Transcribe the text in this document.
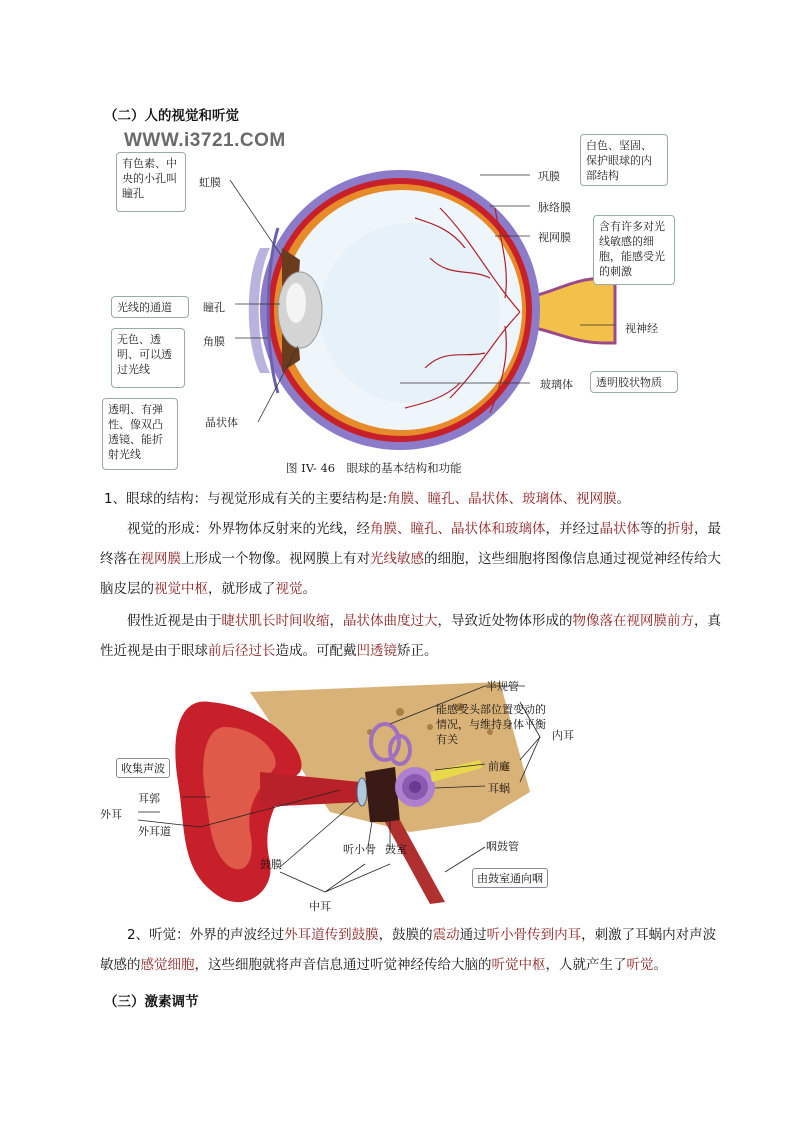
（二）人的视觉和听觉
WWW.i3721.COM
有色素、中央的小孔叫瞳孔
虹膜
光线的通道	瞳孔
无色、透明、可以透过光线
角膜
透明、有弹性、像双凸透镜、能折射光线
晶状体
巩膜
白色、坚固、保护眼球的内部结构
脉络膜
视网膜
含有许多对光线敏感的细胞，能感受光的刺激
视神经
玻璃体	透明胶状物质
图 IV- 46　眼球的基本结构和功能
1、眼球的结构：与视觉形成有关的主要结构是:角膜、瞳孔、晶状体、玻璃体、视网膜。
视觉的形成：外界物体反射来的光线，经角膜、瞳孔、晶状体和玻璃体，并经过晶状体等的折射，最终落在视网膜上形成一个物像。视网膜上有对光线敏感的细胞，这些细胞将图像信息通过视觉神经传给大脑皮层的视觉中枢，就形成了视觉。
假性近视是由于睫状肌长时间收缩，晶状体曲度过大，导致近处物体形成的物像落在视网膜前方，真性近视是由于眼球前后径过长造成。可配戴凹透镜矫正。
半规管
能感受头部位置变动的情况，与维持身体平衡有关	内耳
前庭
耳蜗
收集声波
耳郭
外耳
外耳道
鼓膜
听小骨 鼓室
中耳
咽鼓管
由鼓室通向咽
2、听觉：外界的声波经过外耳道传到鼓膜，鼓膜的震动通过听小骨传到内耳，刺激了耳蜗内对声波敏感的感觉细胞，这些细胞就将声音信息通过听觉神经传给大脑的听觉中枢，人就产生了听觉。
（三）激素调节
